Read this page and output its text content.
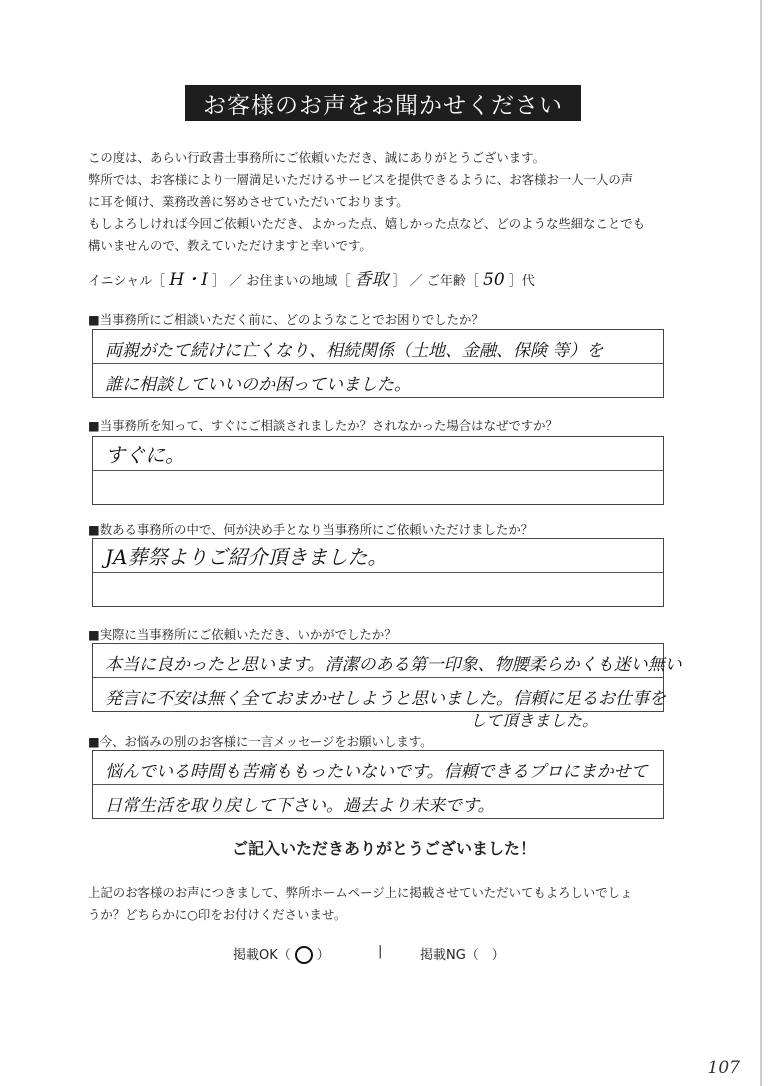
お客様のお声をお聞かせください

この度は、あらい行政書士事務所にご依頼いただき、誠にありがとうございます。

弊所では、お客様により一層満足いただけるサービスを提供できるように、お客様お一人一人の声

に耳を傾け、業務改善に努めさせていただいております。

もしよろしければ今回ご依頼いただき、よかった点、嬉しかった点など、どのような些細なことでも

構いませんので、教えていただけますと幸いです。

イニシャル［ H・I ］ ／ お住まいの地域［ 香取 ］ ／ ご年齢［ 50 ］代
■当事務所にご相談いただく前に、どのようなことでお困りでしたか？
両親がたて続けに亡くなり、相続関係（土地、金融、保険 等）を
誰に相談していいのか困っていました。
■当事務所を知って、すぐにご相談されましたか？されなかった場合はなぜですか？
すぐに。
■数ある事務所の中で、何が決め手となり当事務所にご依頼いただけましたか？
JA葬祭よりご紹介頂きました。
■実際に当事務所にご依頼いただき、いかがでしたか？
本当に良かったと思います。清潔のある第一印象、物腰柔らかくも迷い無い
発言に不安は無く全ておまかせしようと思いました。信頼に足るお仕事を
して頂きました。
■今、お悩みの別のお客様に一言メッセージをお願いします。
悩んでいる時間も苦痛ももったいないです。信頼できるプロにまかせて
日常生活を取り戻して下さい。過去より未来です。
ご記入いただきありがとうございました！

上記のお客様のお声につきまして、弊所ホームページ上に掲載させていただいてもよろしいでしょ

うか？どちらかに○印をお付けくださいませ。

掲載OK（ ○ ）	|	掲載NG（　）
107
